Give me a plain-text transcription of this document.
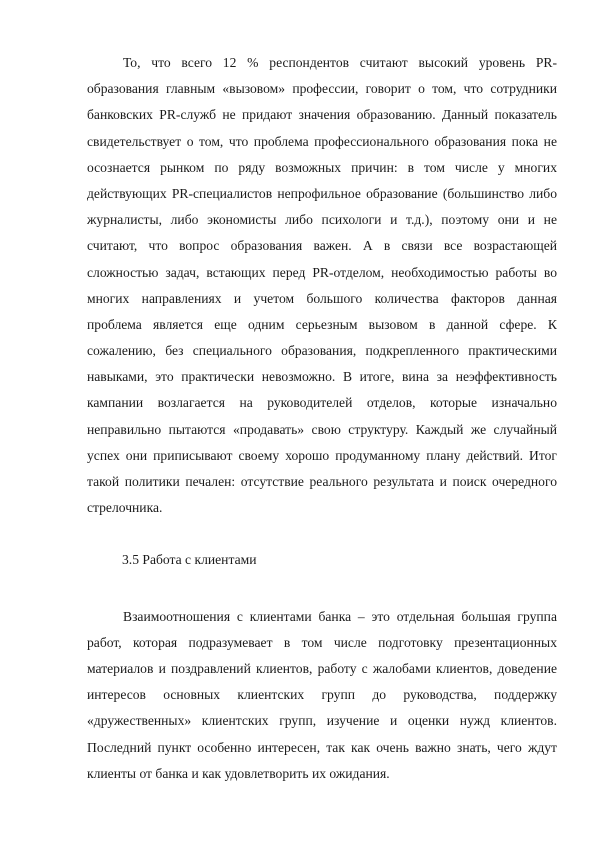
То, что всего 12 % респондентов считают высокий уровень PR-
образования главным «вызовом» профессии, говорит о том, что сотрудники
банковских PR-служб не придают значения образованию. Данный показатель
свидетельствует о том, что проблема профессионального образования пока не
осознается рынком по ряду возможных причин: в том числе у многих
действующих PR-специалистов непрофильное образование (большинство либо
журналисты, либо экономисты либо психологи и т.д.), поэтому они и не
считают, что вопрос образования важен. А в связи все возрастающей
сложностью задач, встающих перед PR-отделом, необходимостью работы во
многих направлениях и учетом большого количества факторов данная
проблема является еще одним серьезным вызовом в данной сфере. К
сожалению, без специального образования, подкрепленного практическими
навыками, это практически невозможно. В итоге, вина за неэффективность
кампании возлагается на руководителей отделов, которые изначально
неправильно пытаются «продавать» свою структуру. Каждый же случайный
успех они приписывают своему хорошо продуманному плану действий. Итог
такой политики печален: отсутствие реального результата и поиск очередного
стрелочника.
3.5 Работа с клиентами
Взаимоотношения с клиентами банка – это отдельная большая группа
работ, которая подразумевает в том числе подготовку презентационных
материалов и поздравлений клиентов, работу с жалобами клиентов, доведение
интересов основных клиентских групп до руководства, поддержку
«дружественных» клиентских групп, изучение и оценки нужд клиентов.
Последний пункт особенно интересен, так как очень важно знать, чего ждут
клиенты от банка и как удовлетворить их ожидания.
